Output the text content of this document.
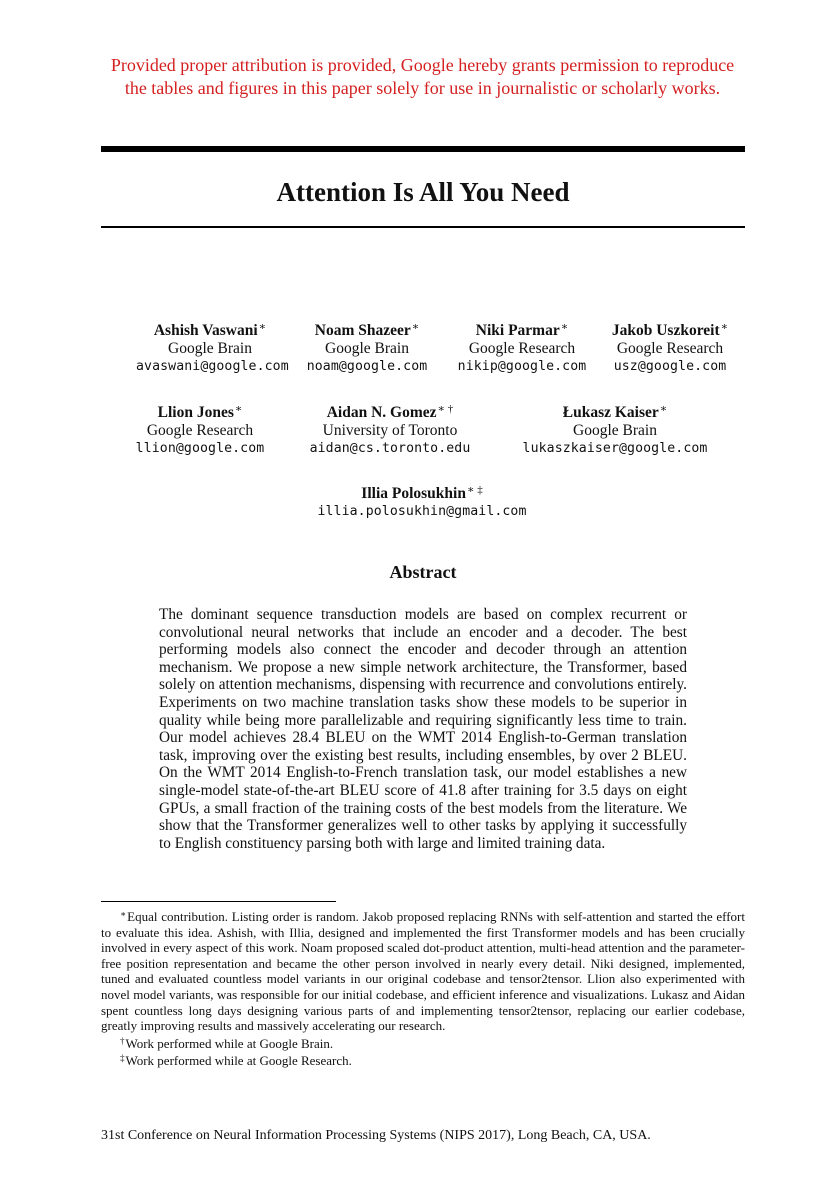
Provided proper attribution is provided, Google hereby grants permission to reproduce the tables and figures in this paper solely for use in journalistic or scholarly works.
Attention Is All You Need
Ashish Vaswani∗
Google Brain
avaswani@google.com
Noam Shazeer∗
Google Brain
noam@google.com
Niki Parmar∗
Google Research
nikip@google.com
Jakob Uszkoreit∗
Google Research
usz@google.com
Llion Jones∗
Google Research
llion@google.com
Aidan N. Gomez∗ †
University of Toronto
aidan@cs.toronto.edu
Łukasz Kaiser∗
Google Brain
lukaszkaiser@google.com
Illia Polosukhin∗ ‡
illia.polosukhin@gmail.com
Abstract
The dominant sequence transduction models are based on complex recurrent or convolutional neural networks that include an encoder and a decoder. The best performing models also connect the encoder and decoder through an attention mechanism. We propose a new simple network architecture, the Transformer, based solely on attention mechanisms, dispensing with recurrence and convolutions entirely. Experiments on two machine translation tasks show these models to be superior in quality while being more parallelizable and requiring significantly less time to train. Our model achieves 28.4 BLEU on the WMT 2014 English-to-German translation task, improving over the existing best results, including ensembles, by over 2 BLEU. On the WMT 2014 English-to-French translation task, our model establishes a new single-model state-of-the-art BLEU score of 41.8 after training for 3.5 days on eight GPUs, a small fraction of the training costs of the best models from the literature. We show that the Transformer generalizes well to other tasks by applying it successfully to English constituency parsing both with large and limited training data.

∗Equal contribution. Listing order is random. Jakob proposed replacing RNNs with self-attention and started the effort to evaluate this idea. Ashish, with Illia, designed and implemented the first Transformer models and has been crucially involved in every aspect of this work. Noam proposed scaled dot-product attention, multi-head attention and the parameter-free position representation and became the other person involved in nearly every detail. Niki designed, implemented, tuned and evaluated countless model variants in our original codebase and tensor2tensor. Llion also experimented with novel model variants, was responsible for our initial codebase, and efficient inference and visualizations. Lukasz and Aidan spent countless long days designing various parts of and implementing tensor2tensor, replacing our earlier codebase, greatly improving results and massively accelerating our research.

†Work performed while at Google Brain.

‡Work performed while at Google Research.

31st Conference on Neural Information Processing Systems (NIPS 2017), Long Beach, CA, USA.
